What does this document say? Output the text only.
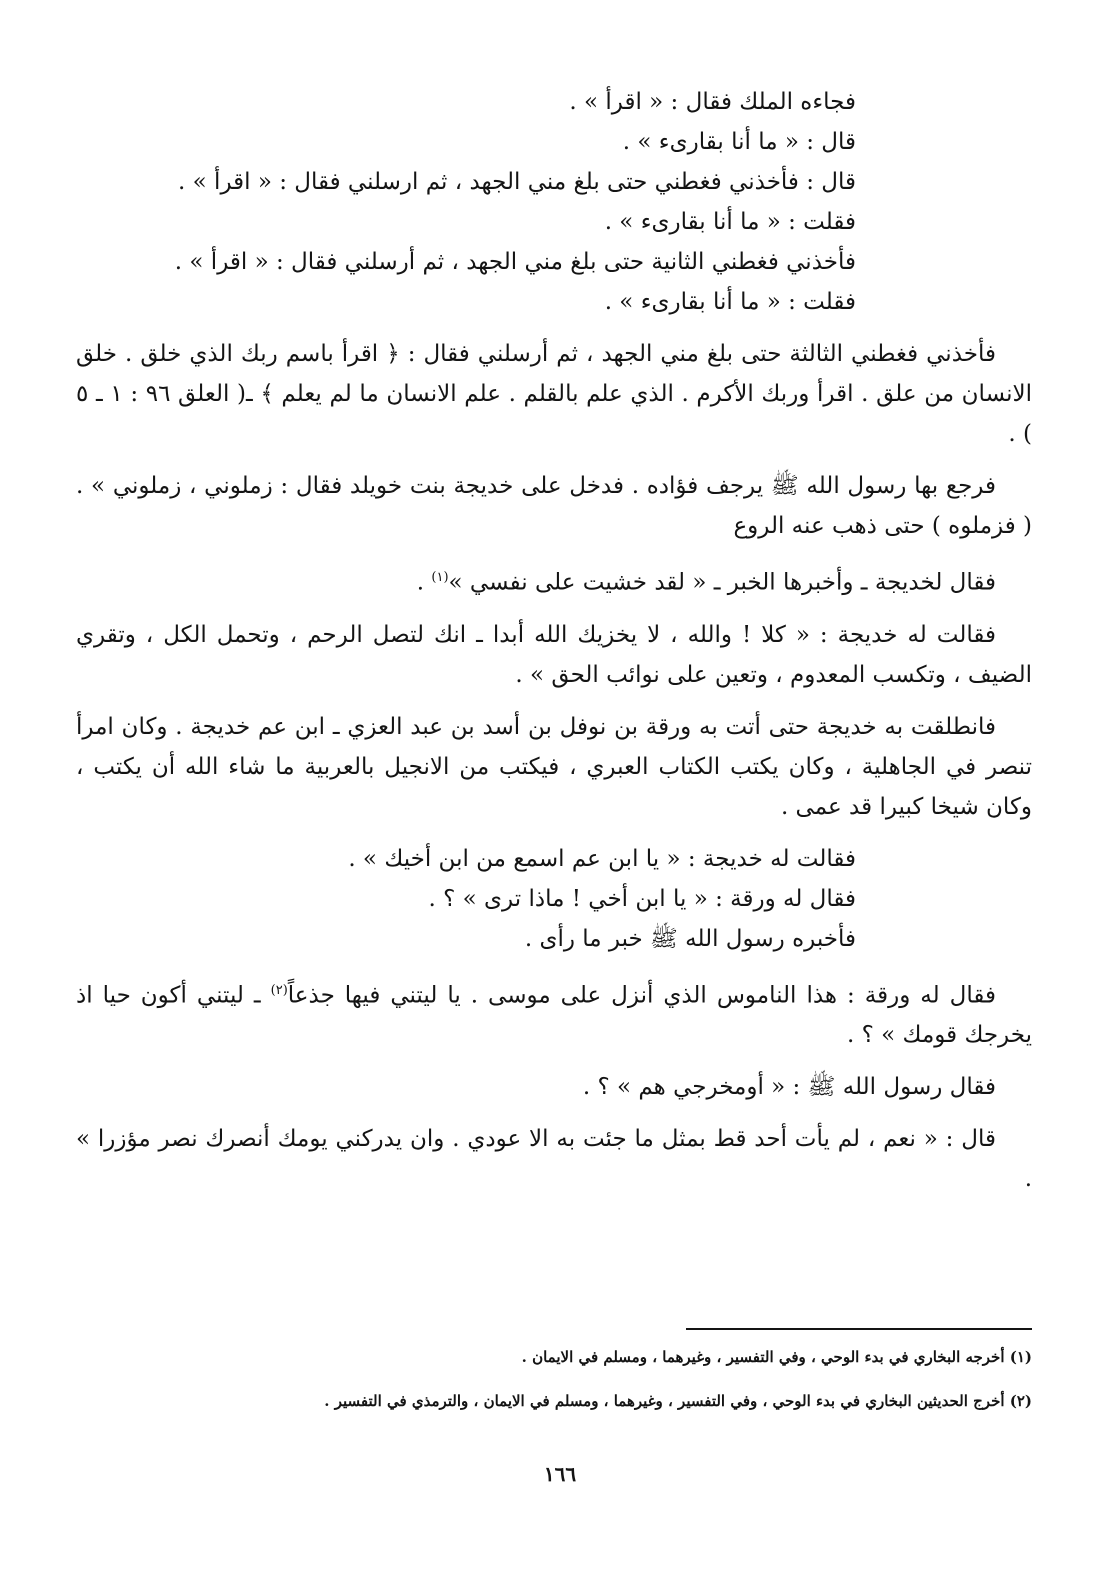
فجاءه الملك فقال : « اقرأ » .

قال : « ما أنا بقارىء » .

قال : فأخذني فغطني حتى بلغ مني الجهد ، ثم ارسلني فقال : « اقرأ » .

فقلت : « ما أنا بقارىء » .

فأخذني فغطني الثانية حتى بلغ مني الجهد ، ثم أرسلني فقال : « اقرأ » .

فقلت : « ما أنا بقارىء » .

فأخذني فغطني الثالثة حتى بلغ مني الجهد ، ثم أرسلني فقال : ﴿ اقرأ باسم ربك الذي خلق . خلق الانسان من علق . اقرأ وربك الأكرم . الذي علم بالقلم . علم الانسان ما لم يعلم ﴾ ـ( العلق ٩٦ : ١ ـ ٥ ) .

فرجع بها رسول الله ﷺ يرجف فؤاده . فدخل على خديجة بنت خويلد فقال : زملوني ، زملوني » . ( فزملوه ) حتى ذهب عنه الروع

فقال لخديجة ـ وأخبرها الخبر ـ « لقد خشيت على نفسي »$^{(١)}$ .

فقالت له خديجة : « كلا ! والله ، لا يخزيك الله أبدا ـ انك لتصل الرحم ، وتحمل الكل ، وتقري الضيف ، وتكسب المعدوم ، وتعين على نوائب الحق » .

فانطلقت به خديجة حتى أتت به ورقة بن نوفل بن أسد بن عبد العزي ـ ابن عم خديجة . وكان امرأ تنصر في الجاهلية ، وكان يكتب الكتاب العبري ، فيكتب من الانجيل بالعربية ما شاء الله أن يكتب ، وكان شيخا كبيرا قد عمى .

فقالت له خديجة : « يا ابن عم اسمع من ابن أخيك » .

فقال له ورقة : « يا ابن أخي ! ماذا ترى » ؟ .

فأخبره رسول الله ﷺ خبر ما رأى .

فقال له ورقة : هذا الناموس الذي أنزل على موسى . يا ليتني فيها جذعاً$^{(٢)}$ ـ ليتني أكون حيا اذ يخرجك قومك » ؟ .

فقال رسول الله ﷺ : « أومخرجي هم » ؟ .

قال : « نعم ، لم يأت أحد قط بمثل ما جئت به الا عودي . وان يدركني يومك أنصرك نصر مؤزرا » .

(١) أخرجه البخاري في بدء الوحي ، وفي التفسير ، وغيرهما ، ومسلم في الايمان .

(٢) أخرج الحديثين البخاري في بدء الوحي ، وفي التفسير ، وغيرهما ، ومسلم في الايمان ، والترمذي في التفسير .

١٦٦
